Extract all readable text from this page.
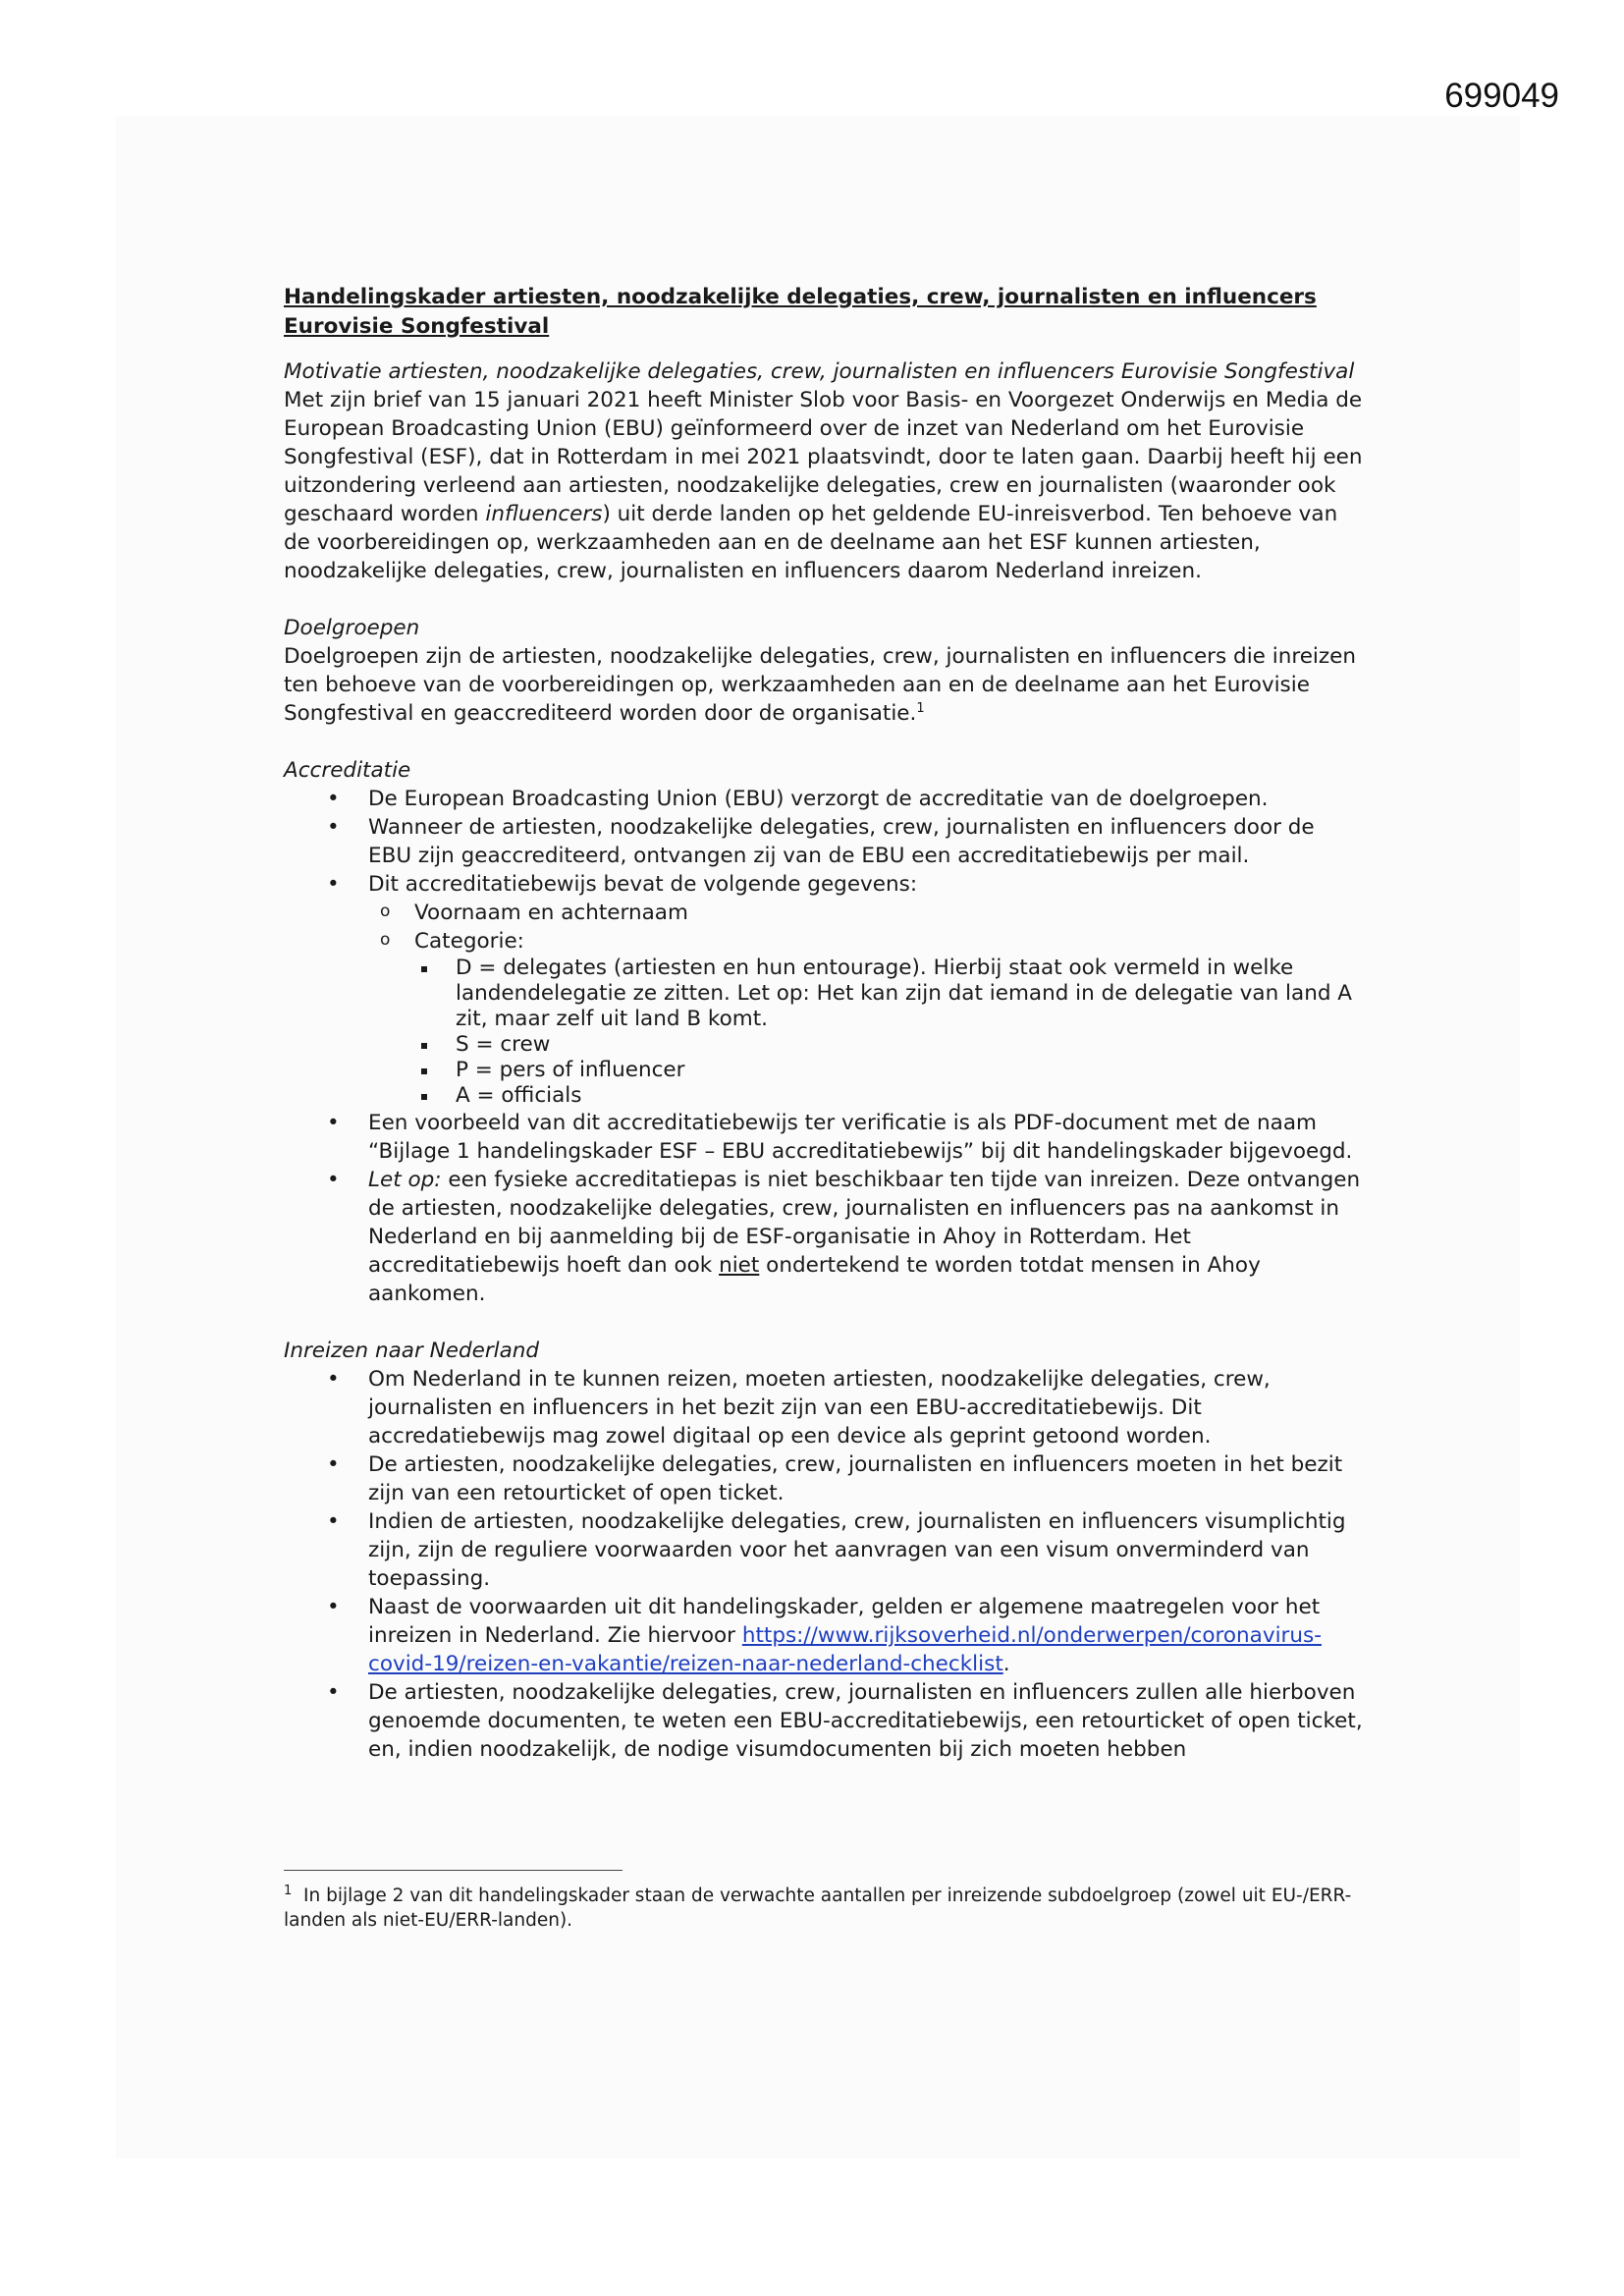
699049

Handelingskader artiesten, noodzakelijke delegaties, crew, journalisten en influencers
Eurovisie Songfestival

Motivatie artiesten, noodzakelijke delegaties, crew, journalisten en influencers Eurovisie Songfestival

Met zijn brief van 15 januari 2021 heeft Minister Slob voor Basis- en Voorgezet Onderwijs en Media de European Broadcasting Union (EBU) geïnformeerd over de inzet van Nederland om het Eurovisie Songfestival (ESF), dat in Rotterdam in mei 2021 plaatsvindt, door te laten gaan. Daarbij heeft hij een uitzondering verleend aan artiesten, noodzakelijke delegaties, crew en journalisten (waaronder ook geschaard worden influencers) uit derde landen op het geldende EU-inreisverbod. Ten behoeve van de voorbereidingen op, werkzaamheden aan en de deelname aan het ESF kunnen artiesten, noodzakelijke delegaties, crew, journalisten en influencers daarom Nederland inreizen.

Doelgroepen

Doelgroepen zijn de artiesten, noodzakelijke delegaties, crew, journalisten en influencers die inreizen ten behoeve van de voorbereidingen op, werkzaamheden aan en de deelname aan het Eurovisie Songfestival en geaccrediteerd worden door de organisatie.$^1$

Accreditatie

• De European Broadcasting Union (EBU) verzorgt de accreditatie van de doelgroepen.
• Wanneer de artiesten, noodzakelijke delegaties, crew, journalisten en influencers door de EBU zijn geaccrediteerd, ontvangen zij van de EBU een accreditatiebewijs per mail.
• Dit accreditatiebewijs bevat de volgende gegevens:
o Voornaam en achternaam
o Categorie:
D = delegates (artiesten en hun entourage). Hierbij staat ook vermeld in welke landendelegatie ze zitten. Let op: Het kan zijn dat iemand in de delegatie van land A zit, maar zelf uit land B komt.
S = crew
P = pers of influencer
A = officials
• Een voorbeeld van dit accreditatiebewijs ter verificatie is als PDF-document met de naam “Bijlage 1 handelingskader ESF – EBU accreditatiebewijs” bij dit handelingskader bijgevoegd.
• Let op: een fysieke accreditatiepas is niet beschikbaar ten tijde van inreizen. Deze ontvangen de artiesten, noodzakelijke delegaties, crew, journalisten en influencers pas na aankomst in Nederland en bij aanmelding bij de ESF-organisatie in Ahoy in Rotterdam. Het accreditatiebewijs hoeft dan ook niet ondertekend te worden totdat mensen in Ahoy aankomen.

Inreizen naar Nederland

• Om Nederland in te kunnen reizen, moeten artiesten, noodzakelijke delegaties, crew, journalisten en influencers in het bezit zijn van een EBU-accreditatiebewijs. Dit accredatiebewijs mag zowel digitaal op een device als geprint getoond worden.
• De artiesten, noodzakelijke delegaties, crew, journalisten en influencers moeten in het bezit zijn van een retourticket of open ticket.
• Indien de artiesten, noodzakelijke delegaties, crew, journalisten en influencers visumplichtig zijn, zijn de reguliere voorwaarden voor het aanvragen van een visum onverminderd van toepassing.
• Naast de voorwaarden uit dit handelingskader, gelden er algemene maatregelen voor het inreizen in Nederland. Zie hiervoor https://www.rijksoverheid.nl/onderwerpen/coronavirus-covid-19/reizen-en-vakantie/reizen-naar-nederland-checklist.
• De artiesten, noodzakelijke delegaties, crew, journalisten en influencers zullen alle hierboven genoemde documenten, te weten een EBU-accreditatiebewijs, een retourticket of open ticket, en, indien noodzakelijk, de nodige visumdocumenten bij zich moeten hebben
$^1$ In bijlage 2 van dit handelingskader staan de verwachte aantallen per inreizende subdoelgroep (zowel uit EU-/ERR-landen als niet-EU/ERR-landen).
